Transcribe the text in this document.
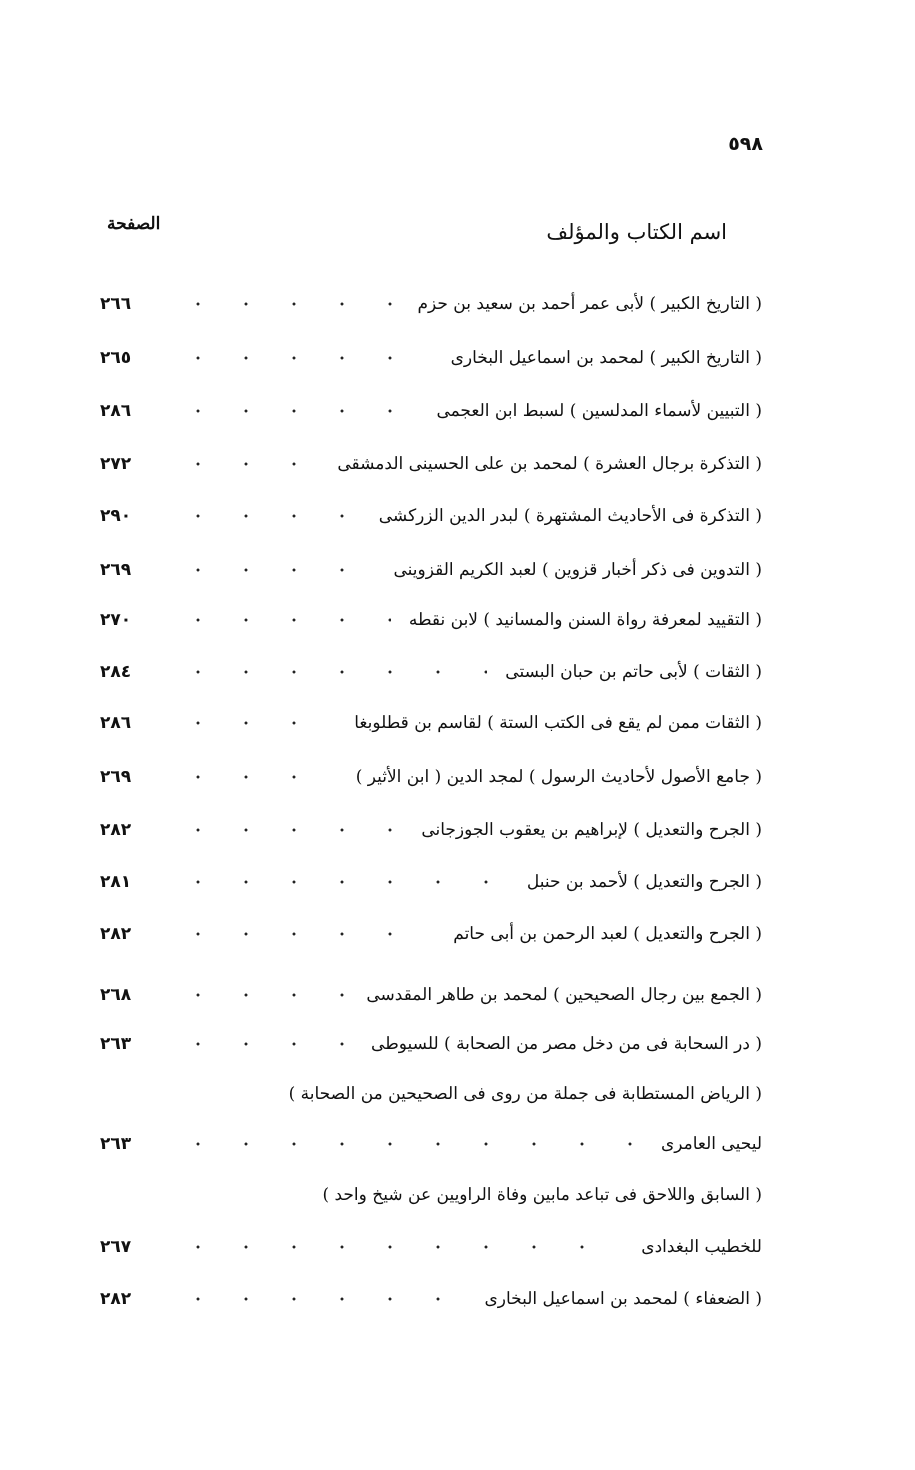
٥٩٨
اسم الكتاب والمؤلف
الصفحة
( التاريخ الكبير ) لأبى عمر أحمد بن سعيد بن حزم
٢٦٦
( التاريخ الكبير ) لمحمد بن اسماعيل البخارى
٢٦٥
( التبيين لأسماء المدلسين ) لسبط ابن العجمى
٢٨٦
( التذكرة برجال العشرة ) لمحمد بن على الحسينى الدمشقى
٢٧٢
( التذكرة فى الأحاديث المشتهرة ) لبدر الدين الزركشى
٢٩٠
( التدوين فى ذكر أخبار قزوين ) لعبد الكريم القزوينى
٢٦٩
( التقييد لمعرفة رواة السنن والمسانيد ) لابن نقطه
٢٧٠
( الثقات ) لأبى حاتم بن حبان البستى
٢٨٤
( الثقات ممن لم يقع فى الكتب الستة ) لقاسم بن قطلوبغا
٢٨٦
( جامع الأصول لأحاديث الرسول ) لمجد الدين ( ابن الأثير )
٢٦٩
( الجرح والتعديل ) لإبراهيم بن يعقوب الجوزجانى
٢٨٢
( الجرح والتعديل ) لأحمد بن حنبل
٢٨١
( الجرح والتعديل ) لعبد الرحمن بن أبى حاتم
٢٨٢
( الجمع بين رجال الصحيحين ) لمحمد بن طاهر المقدسى
٢٦٨
( در السحابة فى من دخل مصر من الصحابة ) للسيوطى
٢٦٣
( الرياض المستطابة فى جملة من روى فى الصحيحين من الصحابة )
ليحيى العامرى
٢٦٣
( السابق واللاحق فى تباعد مابين وفاة الراويين عن شيخ واحد )
للخطيب البغدادى
٢٦٧
( الضعفاء ) لمحمد بن اسماعيل البخارى
٢٨٢
